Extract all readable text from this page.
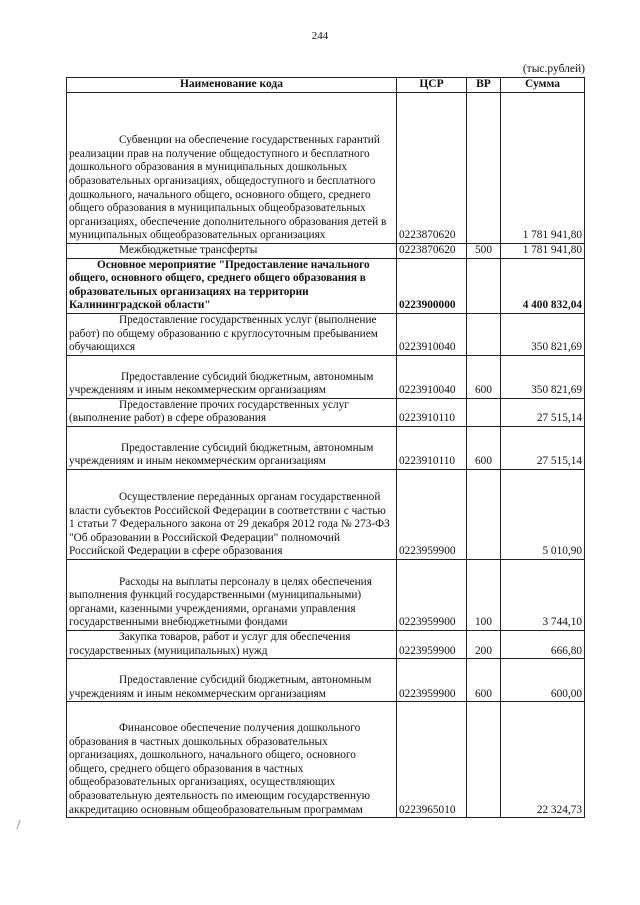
244
(тыс.рублей)
Наименование кода	ЦСР	ВР	Сумма
Субвенции на обеспечение государственных гарантий реализации прав на получение общедоступного и бесплатного дошкольного образования в муниципальных дошкольных образовательных организациях, общедоступного и бесплатного дошкольного, начального общего, основного общего, среднего общего образования в муниципальных общеобразовательных организациях, обеспечение дополнительного образования детей в муниципальных общеобразовательных организациях	0223870620		1 781 941,80
Межбюджетные трансферты	0223870620	500	1 781 941,80
Основное мероприятие "Предоставление начального общего, основного общего, среднего общего образования в образовательных организациях на территории Калининградской области"	0223900000		4 400 832,04
Предоставление государственных услуг (выполнение работ) по общему образованию с круглосуточным пребыванием обучающихся	0223910040		350 821,69
Предоставление субсидий бюджетным, автономным учреждениям и иным некоммерческим организациям	0223910040	600	350 821,69
Предоставление прочих государственных услуг (выполнение работ) в сфере образования	0223910110		27 515,14
Предоставление субсидий бюджетным, автономным учреждениям и иным некоммерческим организациям	0223910110	600	27 515,14
Осуществление переданных органам государственной власти субъектов Российской Федерации в соответствии с частью 1 статьи 7 Федерального закона от 29 декабря 2012 года № 273-ФЗ "Об образовании в Российской Федерации" полномочий Российской Федерации в сфере образования	0223959900		5 010,90
Расходы на выплаты персоналу в целях обеспечения выполнения функций государственными (муниципальными) органами, казенными учреждениями, органами управления государственными внебюджетными фондами	0223959900	100	3 744,10
Закупка товаров, работ и услуг для обеспечения государственных (муниципальных) нужд	0223959900	200	666,80
Предоставление субсидий бюджетным, автономным учреждениям и иным некоммерческим организациям	0223959900	600	600,00
Финансовое обеспечение получения дошкольного образования в частных дошкольных образовательных организациях, дошкольного, начального общего, основного общего, среднего общего образования в частных общеобразовательных организациях, осуществляющих образовательную деятельность по имеющим государственную аккредитацию основным общеобразовательным программам	0223965010		22 324,73
